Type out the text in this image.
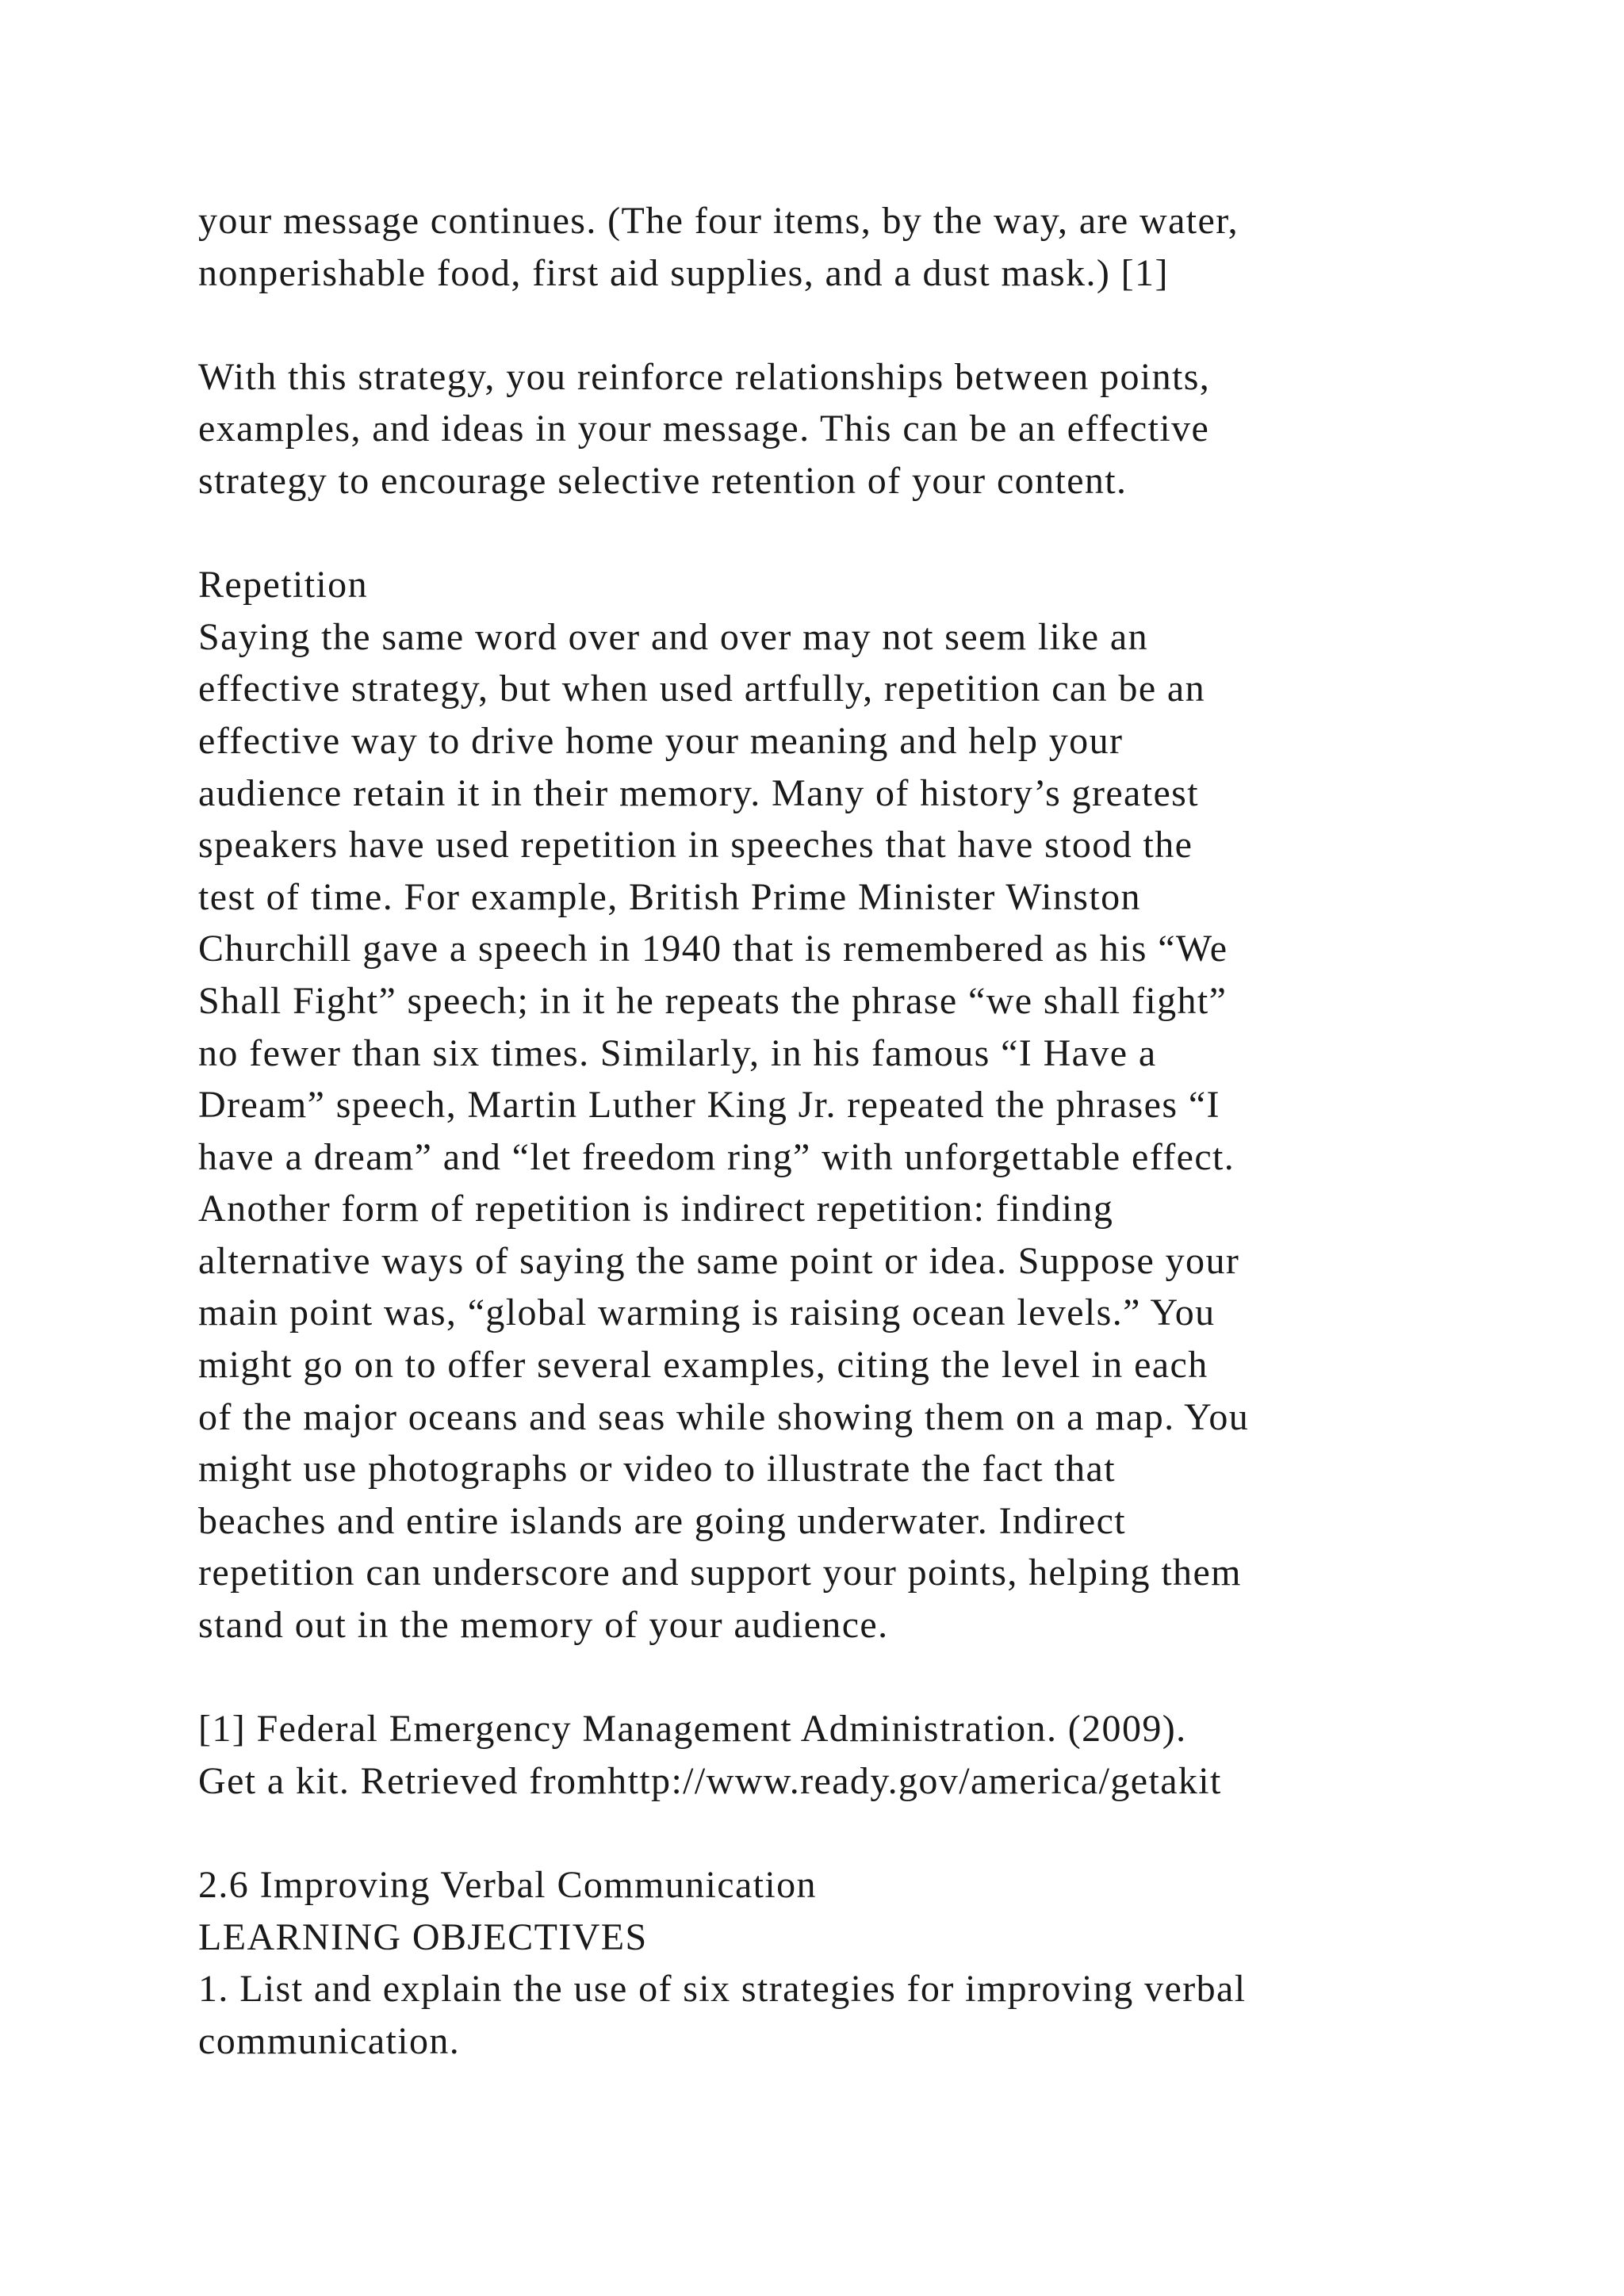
your message continues. (The four items, by the way, are water,
nonperishable food, first aid supplies, and a dust mask.) [1]
With this strategy, you reinforce relationships between points,
examples, and ideas in your message. This can be an effective
strategy to encourage selective retention of your content.
Repetition
Saying the same word over and over may not seem like an
effective strategy, but when used artfully, repetition can be an
effective way to drive home your meaning and help your
audience retain it in their memory. Many of history’s greatest
speakers have used repetition in speeches that have stood the
test of time. For example, British Prime Minister Winston
Churchill gave a speech in 1940 that is remembered as his “We
Shall Fight” speech; in it he repeats the phrase “we shall fight”
no fewer than six times. Similarly, in his famous “I Have a
Dream” speech, Martin Luther King Jr. repeated the phrases “I
have a dream” and “let freedom ring” with unforgettable effect.
Another form of repetition is indirect repetition: finding
alternative ways of saying the same point or idea. Suppose your
main point was, “global warming is raising ocean levels.” You
might go on to offer several examples, citing the level in each
of the major oceans and seas while showing them on a map. You
might use photographs or video to illustrate the fact that
beaches and entire islands are going underwater. Indirect
repetition can underscore and support your points, helping them
stand out in the memory of your audience.
[1] Federal Emergency Management Administration. (2009).
Get a kit. Retrieved fromhttp://www.ready.gov/america/getakit
2.6 Improving Verbal Communication
LEARNING OBJECTIVES
1. List and explain the use of six strategies for improving verbal
communication.
